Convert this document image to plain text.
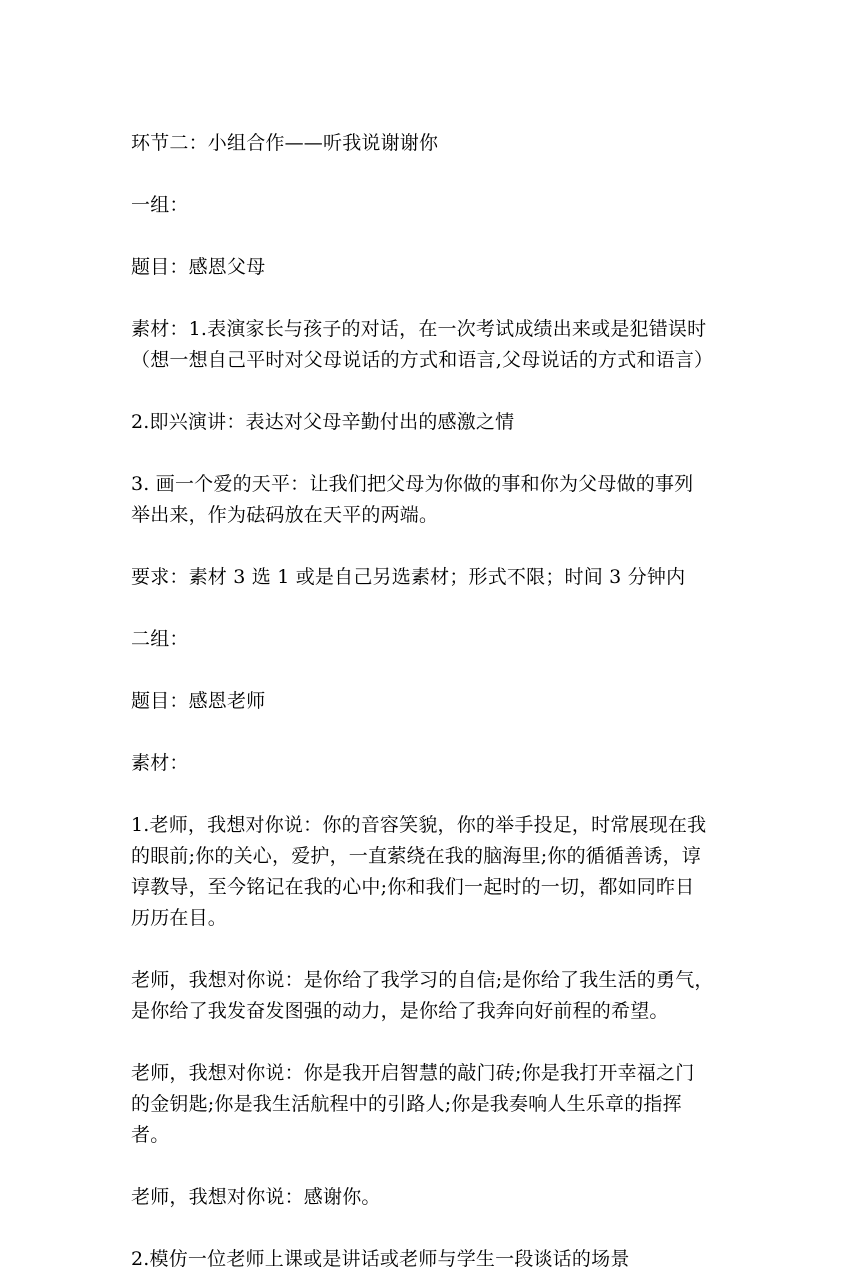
环节二：小组合作——听我说谢谢你

一组：

题目：感恩父母

素材：1.表演家长与孩子的对话，在一次考试成绩出来或是犯错误时
（想一想自己平时对父母说话的方式和语言,父母说话的方式和语言）

2.即兴演讲：表达对父母辛勤付出的感激之情

3. 画一个爱的天平：让我们把父母为你做的事和你为父母做的事列
举出来，作为砝码放在天平的两端。

要求：素材 3 选 1 或是自己另选素材；形式不限；时间 3 分钟内

二组：

题目：感恩老师

素材：

1.老师，我想对你说：你的音容笑貌，你的举手投足，时常展现在我
的眼前;你的关心，爱护，一直萦绕在我的脑海里;你的循循善诱，谆
谆教导，至今铭记在我的心中;你和我们一起时的一切，都如同昨日
历历在目。

老师，我想对你说：是你给了我学习的自信;是你给了我生活的勇气，
是你给了我发奋发图强的动力，是你给了我奔向好前程的希望。

老师，我想对你说：你是我开启智慧的敲门砖;你是我打开幸福之门
的金钥匙;你是我生活航程中的引路人;你是我奏响人生乐章的指挥
者。

老师，我想对你说：感谢你。

2.模仿一位老师上课或是讲话或老师与学生一段谈话的场景
